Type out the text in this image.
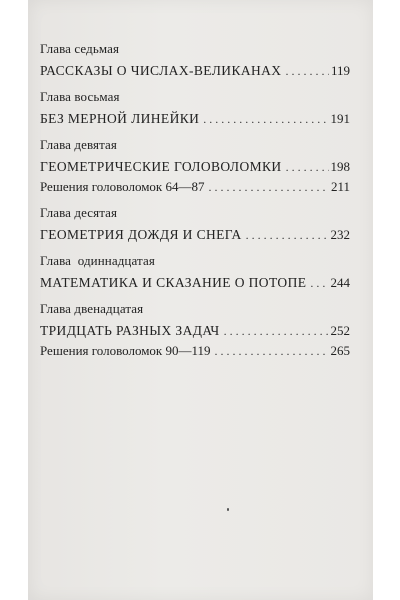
Глава седьмая
РАССКАЗЫ О ЧИСЛАХ-ВЕЛИКАНАХ . . .	119
Глава восьмая
БЕЗ МЕРНОЙ ЛИНЕЙКИ . . .	191
Глава девятая
ГЕОМЕТРИЧЕСКИЕ ГОЛОВОЛОМКИ . . .	198
Решения головоломок 64—87 . . .	211
Глава десятая
ГЕОМЕТРИЯ ДОЖДЯ И СНЕГА . . .	232
Глава  одиннадцатая
МАТЕМАТИКА И СКАЗАНИЕ О ПОТОПЕ . . . 244
Глава двенадцатая
ТРИДЦАТЬ РАЗНЫХ ЗАДАЧ . . .	252
Решения головоломок 90—119 . . .	265
